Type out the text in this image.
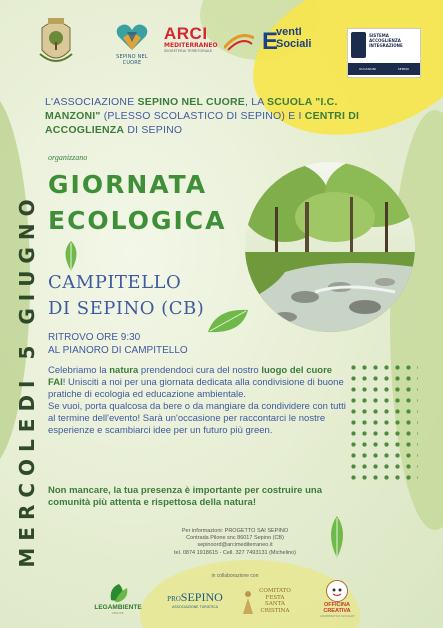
SEPINO NEL CUORE
ARCI
MEDITERRANEO
SEGRETERIA TERRITORIALE	E
ventI
Sociali
SISTEMA ACCOGLIENZA INTEGRAZIONE
OCCASIONI	SEPINO
L'ASSOCIAZIONE SEPINO NEL CUORE, LA SCUOLA "I.C. MANZONI" (PLESSO SCOLASTICO DI SEPINO) E I CENTRI DI ACCOGLIENZA DI SEPINO
organizzano
MERCOLEDI 5 GIUGNO
GIORNATA
ECOLOGICA
CAMPITELLO
DI SEPINO (CB)
RITROVO ORE 9:30
AL PIANORO DI CAMPITELLO

Celebriamo la natura prendendoci cura del nostro luogo del cuore FAI! Unisciti a noi per una giornata dedicata alla condivisione di buone pratiche di ecologia ed educazione ambientale.

Se vuoi, porta qualcosa da bere o da mangiare da condividere con tutti al termine dell'evento! Sarà un'occasione per raccontarci le nostre esperienze e scambiarci idee per un futuro più green.

Non mancare, la tua presenza è importante per costruire una comunità più attenta e rispettosa della natura!
Per informazioni: PROGETTO SAI SEPINO
Contrada Pilone snc 86017 Sepino (CB)
sepinoord@arcimediterraneo.it
tel. 0874 1918615 - Cell. 327 7493131 (Michelino)
in collaborazione con
LEGAMBIENTE
MOLISE
PROSEPINO
ASSOCIAZIONE TURISTICA
COMITATO
FESTA
SANTA
CRISTINA
OFFICINA CREATIVA
COOPERATIVA SOCIALE
